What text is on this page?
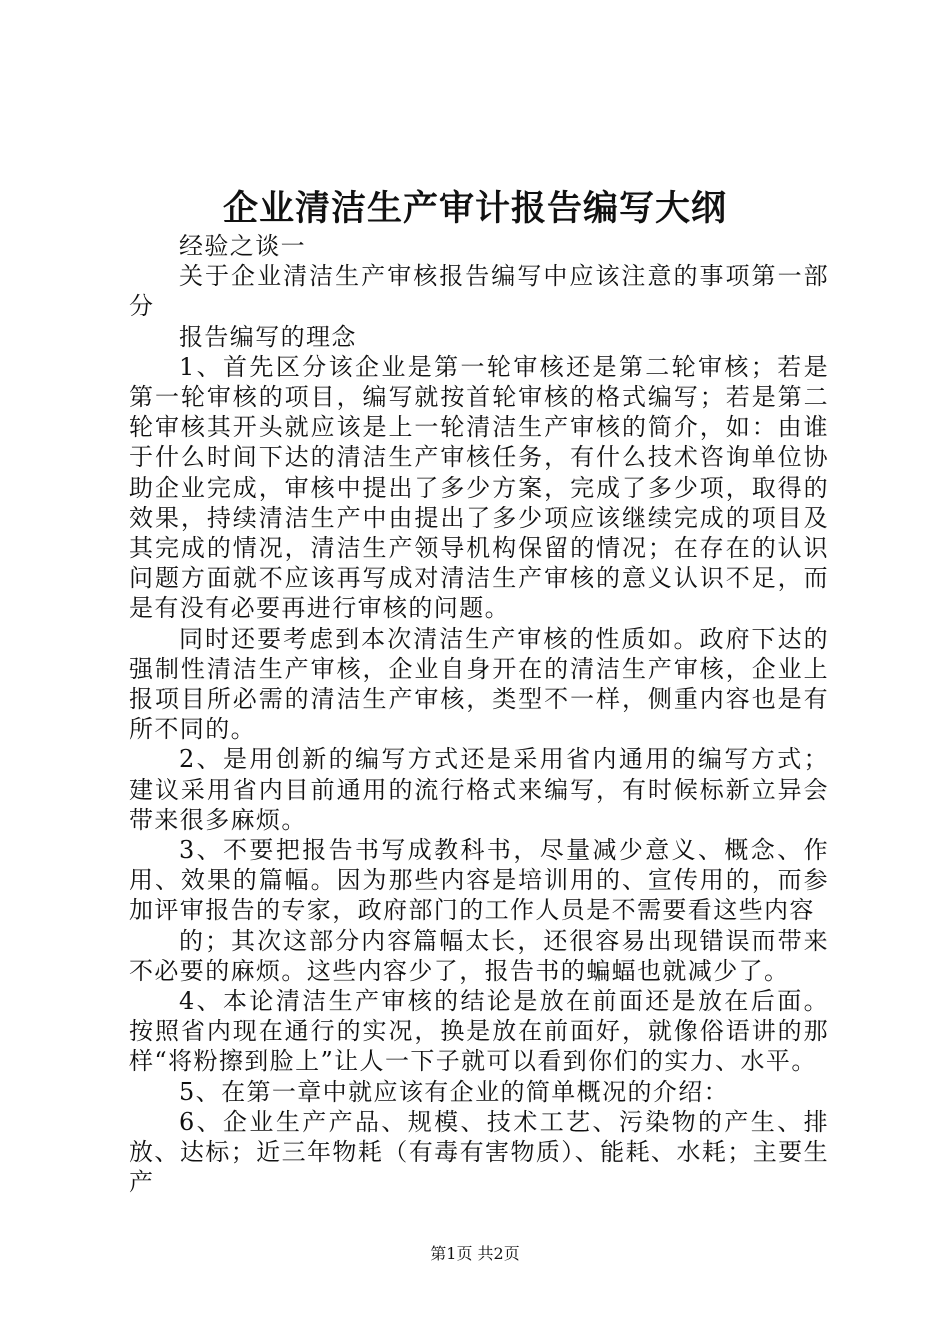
企业清洁生产审计报告编写大纲

经验之谈一

关于企业清洁生产审核报告编写中应该注意的事项第一部分

报告编写的理念

1、首先区分该企业是第一轮审核还是第二轮审核；若是第一轮审核的项目，编写就按首轮审核的格式编写；若是第二轮审核其开头就应该是上一轮清洁生产审核的简介，如：由谁于什么时间下达的清洁生产审核任务，有什么技术咨询单位协助企业完成，审核中提出了多少方案，完成了多少项，取得的效果，持续清洁生产中由提出了多少项应该继续完成的项目及其完成的情况，清洁生产领导机构保留的情况；在存在的认识问题方面就不应该再写成对清洁生产审核的意义认识不足，而是有没有必要再进行审核的问题。

同时还要考虑到本次清洁生产审核的性质如。政府下达的强制性清洁生产审核，企业自身开在的清洁生产审核，企业上报项目所必需的清洁生产审核，类型不一样，侧重内容也是有所不同的。

2、是用创新的编写方式还是采用省内通用的编写方式；建议采用省内目前通用的流行格式来编写，有时候标新立异会带来很多麻烦。

3、不要把报告书写成教科书，尽量减少意义、概念、作用、效果的篇幅。因为那些内容是培训用的、宣传用的，而参加评审报告的专家，政府部门的工作人员是不需要看这些内容

的；其次这部分内容篇幅太长，还很容易出现错误而带来不必要的麻烦。这些内容少了，报告书的蝙蝠也就减少了。

4、本论清洁生产审核的结论是放在前面还是放在后面。按照省内现在通行的实况，换是放在前面好，就像俗语讲的那样“将粉擦到脸上”让人一下子就可以看到你们的实力、水平。

5、在第一章中就应该有企业的简单概况的介绍：

6、企业生产产品、规模、技术工艺、污染物的产生、排放、达标；近三年物耗（有毒有害物质）、能耗、水耗；主要生产

第1页 共2页
